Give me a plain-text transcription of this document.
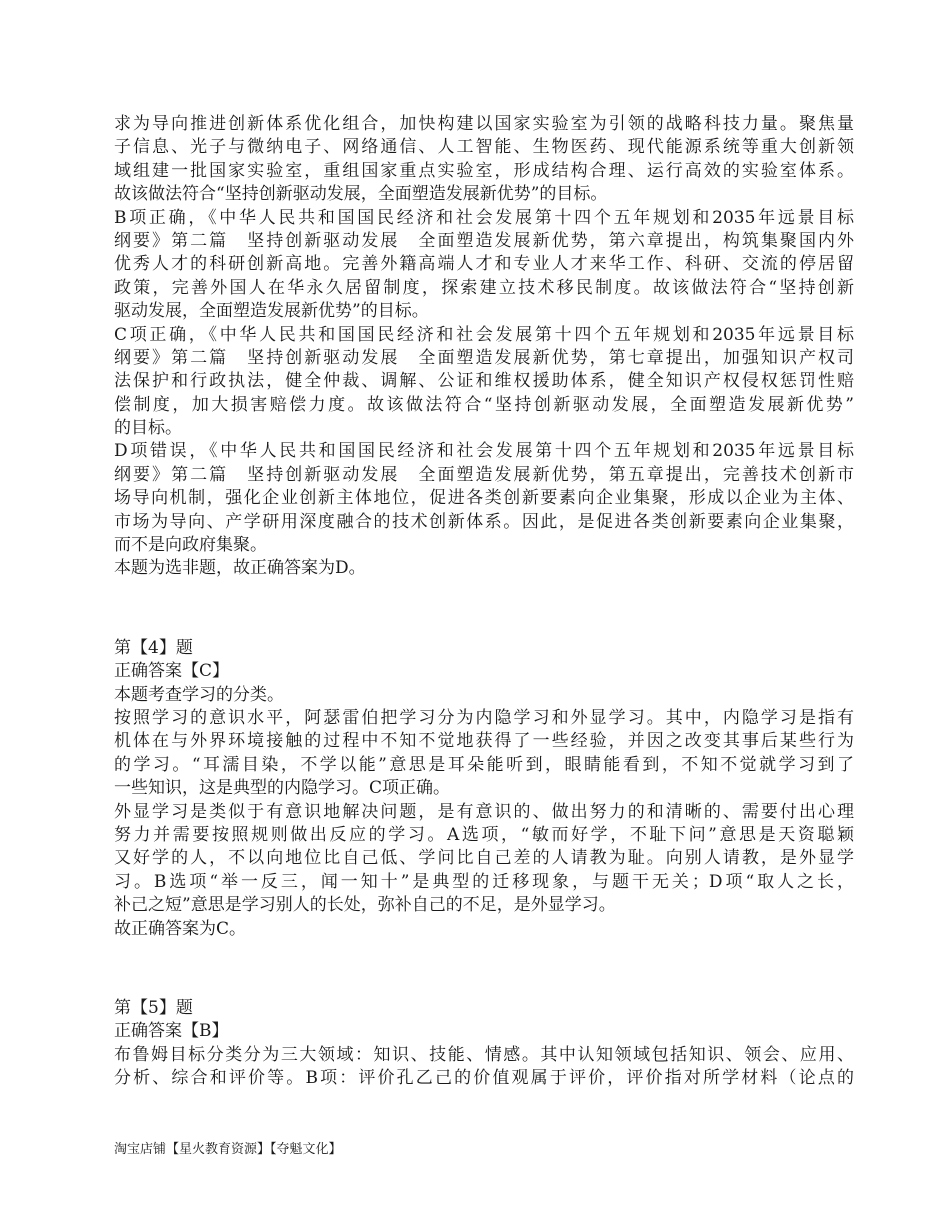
求为导向推进创新体系优化组合，加快构建以国家实验室为引领的战略科技力量。聚焦量
子信息、光子与微纳电子、网络通信、人工智能、生物医药、现代能源系统等重大创新领
域组建一批国家实验室，重组国家重点实验室，形成结构合理、运行高效的实验室体系。
故该做法符合“坚持创新驱动发展，全面塑造发展新优势”的目标。
B项正确，《中华人民共和国国民经济和社会发展第十四个五年规划和2035年远景目标
纲要》第二篇　坚持创新驱动发展　全面塑造发展新优势，第六章提出，构筑集聚国内外
优秀人才的科研创新高地。完善外籍高端人才和专业人才来华工作、科研、交流的停居留
政策，完善外国人在华永久居留制度，探索建立技术移民制度。故该做法符合“坚持创新
驱动发展，全面塑造发展新优势”的目标。
C项正确，《中华人民共和国国民经济和社会发展第十四个五年规划和2035年远景目标
纲要》第二篇　坚持创新驱动发展　全面塑造发展新优势，第七章提出，加强知识产权司
法保护和行政执法，健全仲裁、调解、公证和维权援助体系，健全知识产权侵权惩罚性赔
偿制度，加大损害赔偿力度。故该做法符合“坚持创新驱动发展，全面塑造发展新优势”
的目标。
D项错误，《中华人民共和国国民经济和社会发展第十四个五年规划和2035年远景目标
纲要》第二篇　坚持创新驱动发展　全面塑造发展新优势，第五章提出，完善技术创新市
场导向机制，强化企业创新主体地位，促进各类创新要素向企业集聚，形成以企业为主体、
市场为导向、产学研用深度融合的技术创新体系。因此，是促进各类创新要素向企业集聚，
而不是向政府集聚。
本题为选非题，故正确答案为D。
第【4】题
正确答案【C】
本题考查学习的分类。
按照学习的意识水平，阿瑟雷伯把学习分为内隐学习和外显学习。其中，内隐学习是指有
机体在与外界环境接触的过程中不知不觉地获得了一些经验，并因之改变其事后某些行为
的学习。“耳濡目染，不学以能”意思是耳朵能听到，眼睛能看到，不知不觉就学习到了
一些知识，这是典型的内隐学习。C项正确。
外显学习是类似于有意识地解决问题，是有意识的、做出努力的和清晰的、需要付出心理
努力并需要按照规则做出反应的学习。A选项，“敏而好学，不耻下问”意思是天资聪颖
又好学的人，不以向地位比自己低、学问比自己差的人请教为耻。向别人请教，是外显学
习。B选项“举一反三，闻一知十”是典型的迁移现象，与题干无关；D项“取人之长，
补己之短”意思是学习别人的长处，弥补自己的不足，是外显学习。
故正确答案为C。
第【5】题
正确答案【B】
布鲁姆目标分类分为三大领域：知识、技能、情感。其中认知领域包括知识、领会、应用、
分析、综合和评价等。B项：评价孔乙己的价值观属于评价，评价指对所学材料（论点的
淘宝店铺【星火教育资源】【夺魁文化】
